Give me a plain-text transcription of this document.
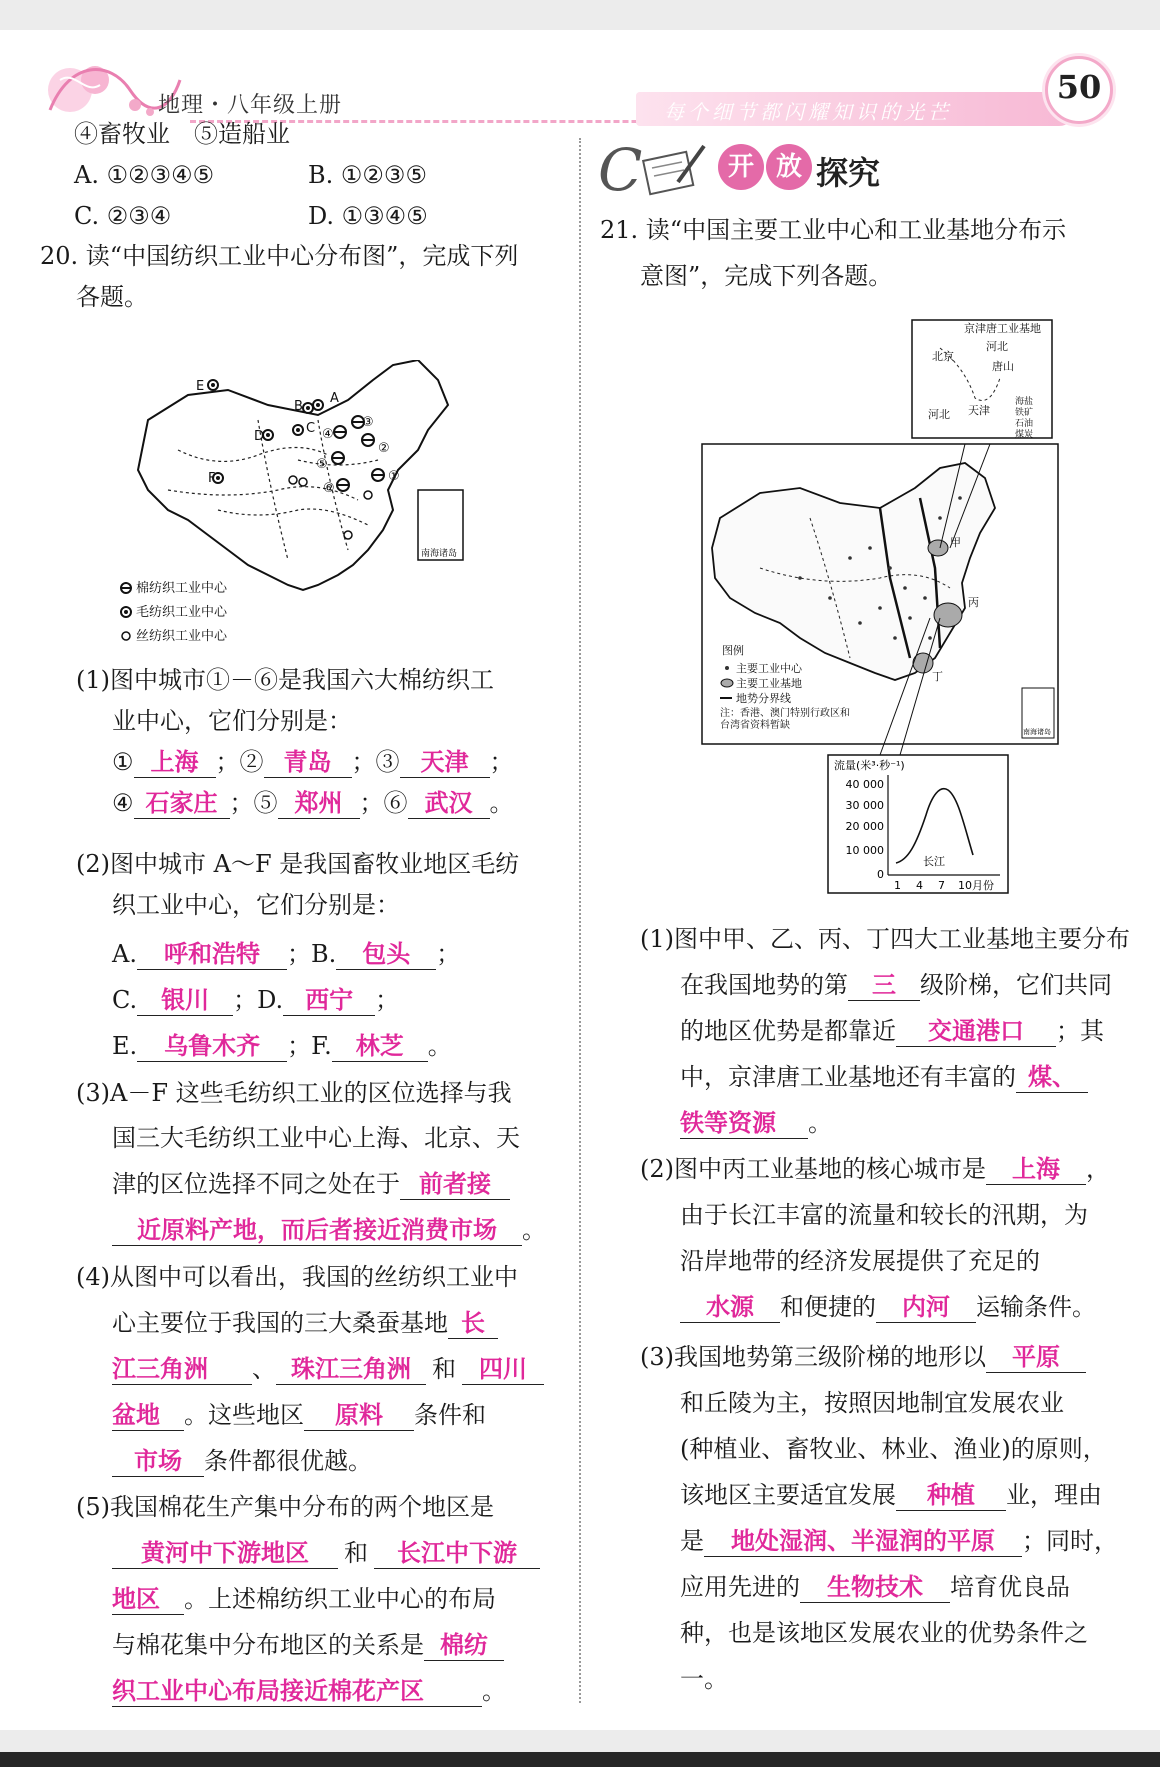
地理・八年级上册	每个细节都闪耀知识的光芒
50
④畜牧业　⑤造船业
A. ①②③④⑤	B. ①②③⑤
C. ②③④	D. ①③④⑤
20. 读“中国纺织工业中心分布图”，完成下列
各题。
南海诸岛
E
A
B
C
D
F	①
②
③
④
⑤
⑥
棉纺织工业中心
毛纺织工业中心
丝纺织工业中心
(1)图中城市①－⑥是我国六大棉纺织工
业中心，它们分别是：
① 上海 ；② 青岛 ；③ 天津 ；
④ 石家庄 ；⑤ 郑州 ；⑥ 武汉 。
(2)图中城市 A～F 是我国畜牧业地区毛纺
织工业中心，它们分别是：
A. 呼和浩特 ；B. 包头 ；
C. 银川 ；D. 西宁 ；
E. 乌鲁木齐 ；F. 林芝 。
(3)A－F 这些毛纺织工业的区位选择与我
国三大毛纺织工业中心上海、北京、天
津的区位选择不同之处在于 前者接
近原料产地，而后者接近消费市场 。
(4)从图中可以看出，我国的丝纺织工业中
心主要位于我国的三大桑蚕基地 长
江三角洲 、 珠江三角洲 和 四川
盆地 。这些地区 原料 条件和
市场 条件都很优越。
(5)我国棉花生产集中分布的两个地区是
黄河中下游地区 和 长江中下游
地区 。上述棉纺织工业中心的布局
与棉花集中分布地区的关系是 棉纺
织工业中心布局接近棉花产区 。
C	开 放 探究
21. 读“中国主要工业中心和工业基地分布示
意图”，完成下列各题。
京津唐工业基地
北京
河北
唐山
天津
河北
海盐
铁矿
石油
煤炭
甲
丙
丁
图例
主要工业中心
主要工业基地
地势分界线
注：香港、澳门特别行政区和
台湾省资料暂缺
南海诸岛
流量(米³·秒⁻¹)
40 000
30 000
20 000
10 000
0
1 4 7 10月份
长江
(1)图中甲、乙、丙、丁四大工业基地主要分布
在我国地势的第 三 级阶梯，它们共同
的地区优势是都靠近 交通港口 ；其
中，京津唐工业基地还有丰富的 煤、
铁等资源 。
(2)图中丙工业基地的核心城市是 上海 ，
由于长江丰富的流量和较长的汛期，为
沿岸地带的经济发展提供了充足的
水源 和便捷的 内河 运输条件。
(3)我国地势第三级阶梯的地形以 平原
和丘陵为主，按照因地制宜发展农业
(种植业、畜牧业、林业、渔业)的原则，
该地区主要适宜发展 种植 业，理由
是 地处湿润、半湿润的平原 ；同时，
应用先进的 生物技术 培育优良品
种，也是该地区发展农业的优势条件之
一。
